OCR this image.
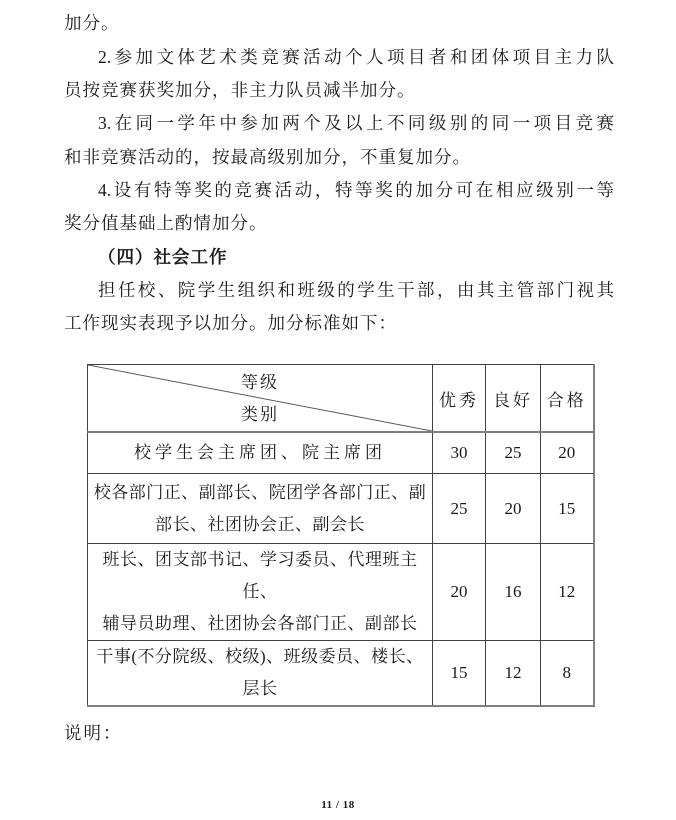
加分。
2.参加文体艺术类竞赛活动个人项目者和团体项目主力队
员按竞赛获奖加分，非主力队员减半加分。
3.在同一学年中参加两个及以上不同级别的同一项目竞赛
和非竞赛活动的，按最高级别加分，不重复加分。
4.设有特等奖的竞赛活动，特等奖的加分可在相应级别一等
奖分值基础上酌情加分。
（四）社会工作
担任校、院学生组织和班级的学生干部，由其主管部门视其
工作现实表现予以加分。加分标准如下：
等级
类别	优秀	良好	合格

校学生会主席团、院主席团	30	25	20

校各部门正、副部长、院团学各部门正、副
部长、社团协会正、副会长	25	20	15

班长、团支部书记、学习委员、代理班主任、
辅导员助理、社团协会各部门正、副部长	20	16	12

干事(不分院级、校级)、班级委员、楼长、
层长	15	12	8
说明：
11 / 18
